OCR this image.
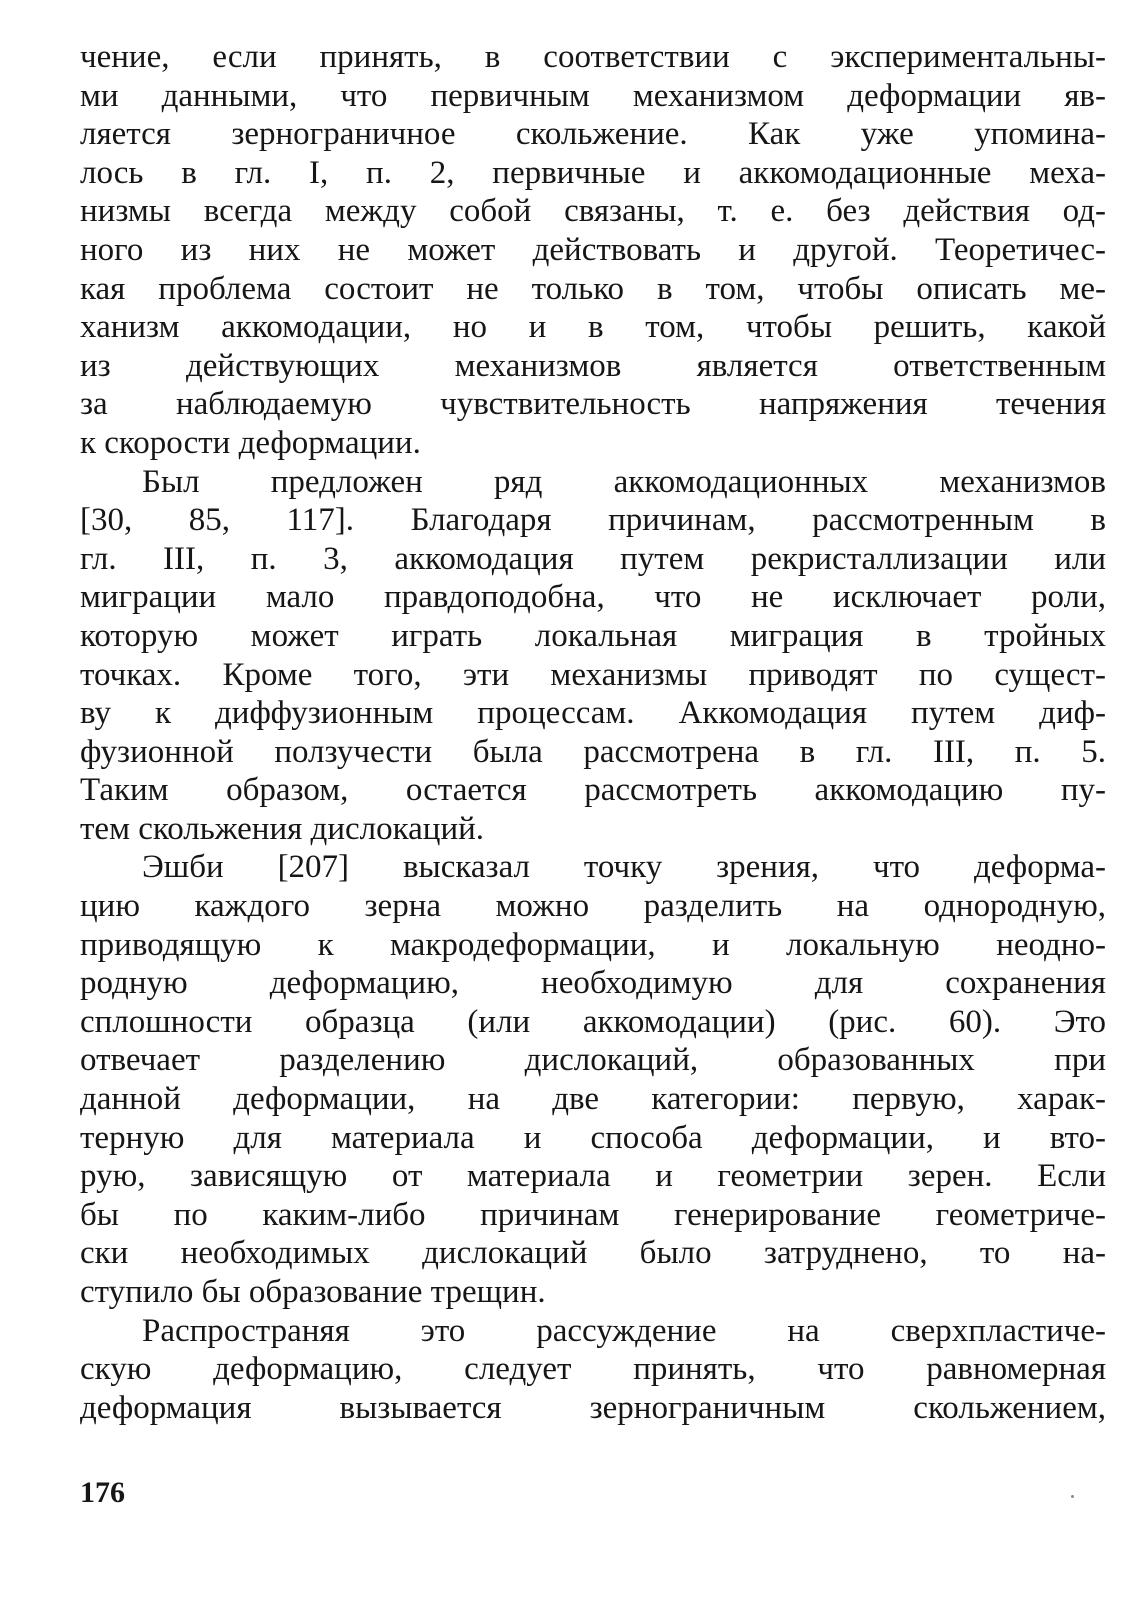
чение, если принять, в соответствии с экспериментальны-
ми данными, что первичным механизмом деформации яв-
ляется зернограничное скольжение. Как уже упомина-
лось в гл. I, п. 2, первичные и аккомодационные меха-
низмы всегда между собой связаны, т. е. без действия од-
ного из них не может действовать и другой. Теоретичес-
кая проблема состоит не только в том, чтобы описать ме-
ханизм аккомодации, но и в том, чтобы решить, какой
из действующих механизмов является ответственным
за наблюдаемую чувствительность напряжения течения
к скорости деформации.
Был предложен ряд аккомодационных механизмов
[30, 85, 117]. Благодаря причинам, рассмотренным в
гл. III, п. 3, аккомодация путем рекристаллизации или
миграции мало правдоподобна, что не исключает роли,
которую может играть локальная миграция в тройных
точках. Кроме того, эти механизмы приводят по сущест-
ву к диффузионным процессам. Аккомодация путем диф-
фузионной ползучести была рассмотрена в гл. III, п. 5.
Таким образом, остается рассмотреть аккомодацию пу-
тем скольжения дислокаций.
Эшби [207] высказал точку зрения, что деформа-
цию каждого зерна можно разделить на однородную,
приводящую к макродеформации, и локальную неодно-
родную деформацию, необходимую для сохранения
сплошности образца (или аккомодации) (рис. 60). Это
отвечает разделению дислокаций, образованных при
данной деформации, на две категории: первую, харак-
терную для материала и способа деформации, и вто-
рую, зависящую от материала и геометрии зерен. Если
бы по каким-либо причинам генерирование геометриче-
ски необходимых дислокаций было затруднено, то на-
ступило бы образование трещин.
Распространяя это рассуждение на сверхпластиче-
скую деформацию, следует принять, что равномерная
деформация вызывается зернограничным скольжением,
176
